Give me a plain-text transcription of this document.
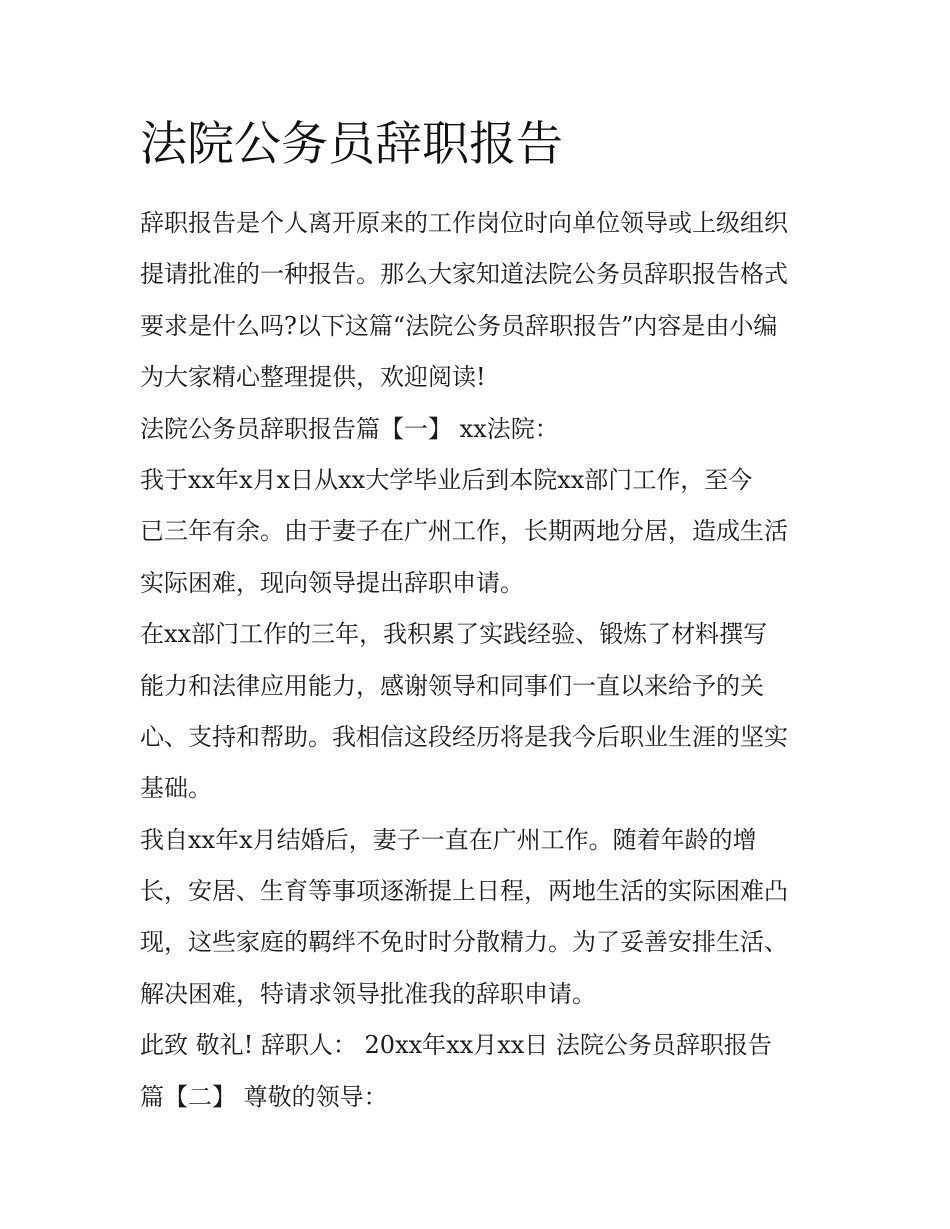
法院公务员辞职报告
辞职报告是个人离开原来的工作岗位时向单位领导或上级组织
提请批准的一种报告。那么大家知道法院公务员辞职报告格式
要求是什么吗?以下这篇“法院公务员辞职报告”内容是由小编
为大家精心整理提供，欢迎阅读!
法院公务员辞职报告篇【一】 xx法院：
我于xx年x月x日从xx大学毕业后到本院xx部门工作，至今
已三年有余。由于妻子在广州工作，长期两地分居，造成生活
实际困难，现向领导提出辞职申请。
在xx部门工作的三年，我积累了实践经验、锻炼了材料撰写
能力和法律应用能力，感谢领导和同事们一直以来给予的关
心、支持和帮助。我相信这段经历将是我今后职业生涯的坚实
基础。
我自xx年x月结婚后，妻子一直在广州工作。随着年龄的增
长，安居、生育等事项逐渐提上日程，两地生活的实际困难凸
现，这些家庭的羁绊不免时时分散精力。为了妥善安排生活、
解决困难，特请求领导批准我的辞职申请。
此致 敬礼! 辞职人： 20xx年xx月xx日 法院公务员辞职报告
篇【二】 尊敬的领导：
